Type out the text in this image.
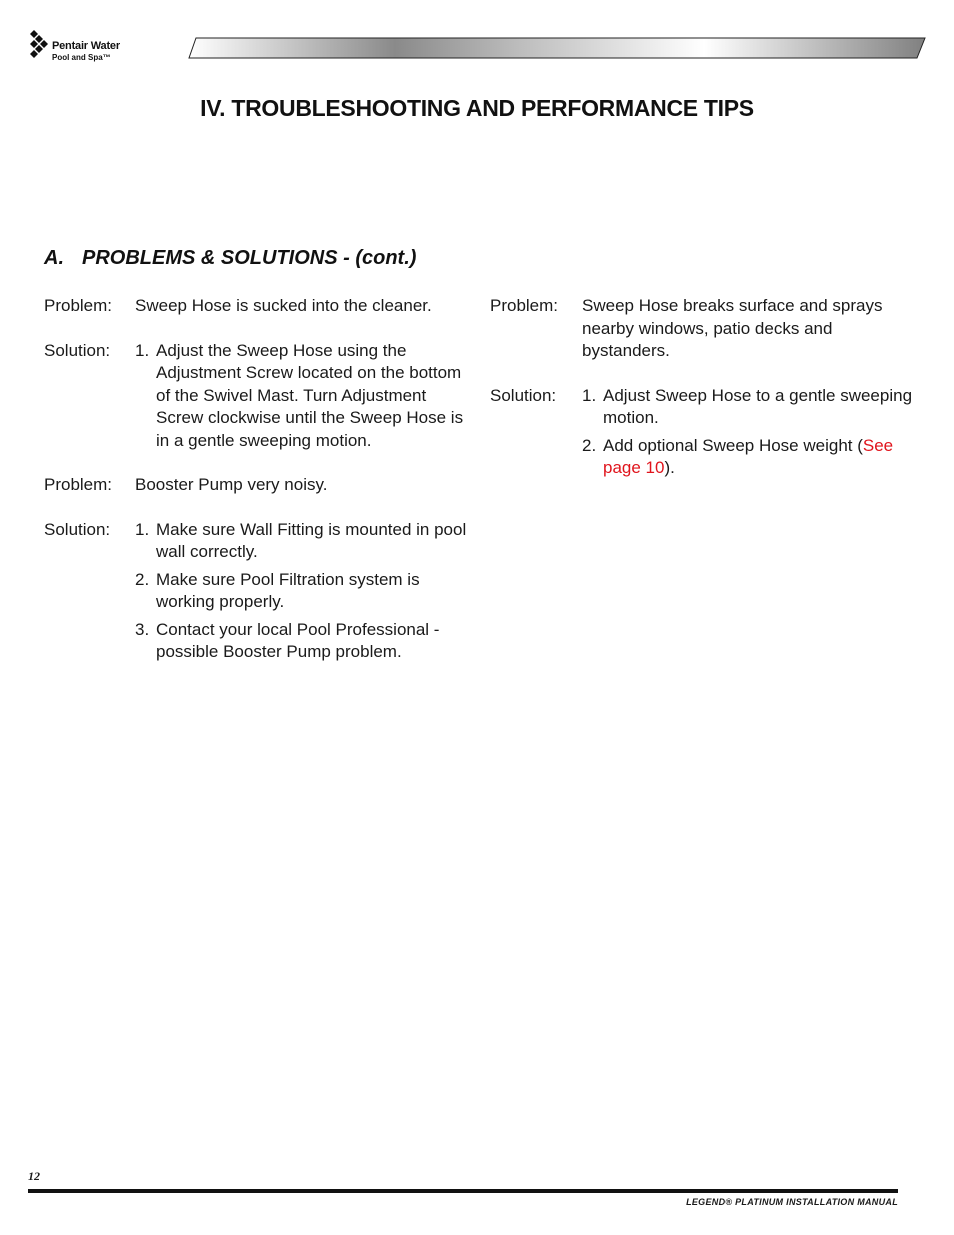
Pentair Water
Pool and Spa™
IV. TROUBLESHOOTING AND PERFORMANCE TIPS
A. PROBLEMS & SOLUTIONS - (cont.)
Problem: Sweep Hose is sucked into the cleaner.
Solution: 1. Adjust the Sweep Hose using the Adjustment Screw located on the bottom of the Swivel Mast. Turn Adjustment Screw clockwise until the Sweep Hose is in a gentle sweeping motion.
Problem: Booster Pump very noisy.
Solution: 1. Make sure Wall Fitting is mounted in pool wall correctly.
2. Make sure Pool Filtration system is working properly.
3. Contact your local Pool Professional - possible Booster Pump problem.
Problem: Sweep Hose breaks surface and sprays nearby windows, patio decks and bystanders.
Solution: 1. Adjust Sweep Hose to a gentle sweeping motion.
2. Add optional Sweep Hose weight (See page 10).
12
LEGEND® PLATINUM INSTALLATION MANUAL
